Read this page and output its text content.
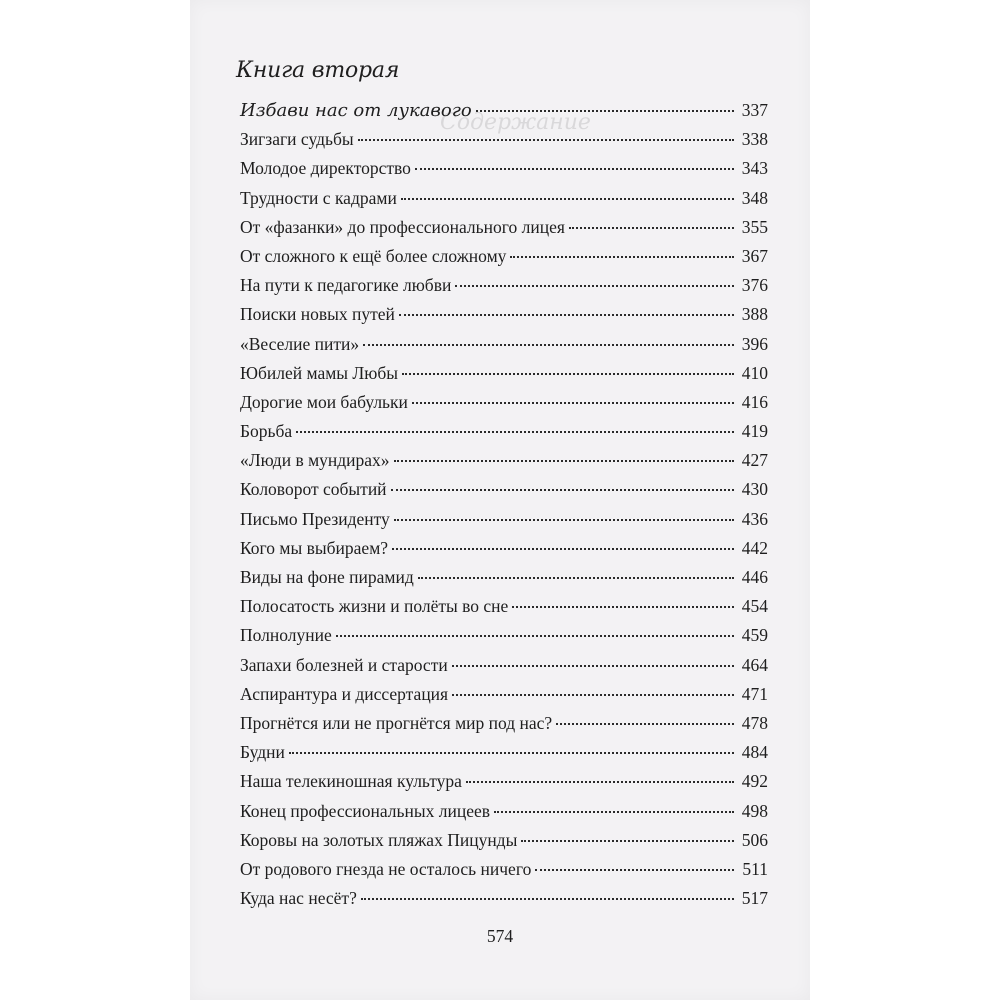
Содержание
Книга вторая
Избави нас от лукавого	337
Зигзаги судьбы	338
Молодое директорство	343
Трудности с кадрами	348
От «фазанки» до профессионального лицея	355
От сложного к ещё более сложному	367
На пути к педагогике любви	376
Поиски новых путей	388
«Веселие пити»	396
Юбилей мамы Любы	410
Дорогие мои бабульки	416
Борьба	419
«Люди в мундирах»	427
Коловорот событий	430
Письмо Президенту	436
Кого мы выбираем?	442
Виды на фоне пирамид	446
Полосатость жизни и полёты во сне	454
Полнолуние	459
Запахи болезней и старости	464
Аспирантура и диссертация	471
Прогнётся или не прогнётся мир под нас?	478
Будни	484
Наша телекиношная культура	492
Конец профессиональных лицеев	498
Коровы на золотых пляжах Пицунды	506
От родового гнезда не осталось ничего	511
Куда нас несёт?	517
574
